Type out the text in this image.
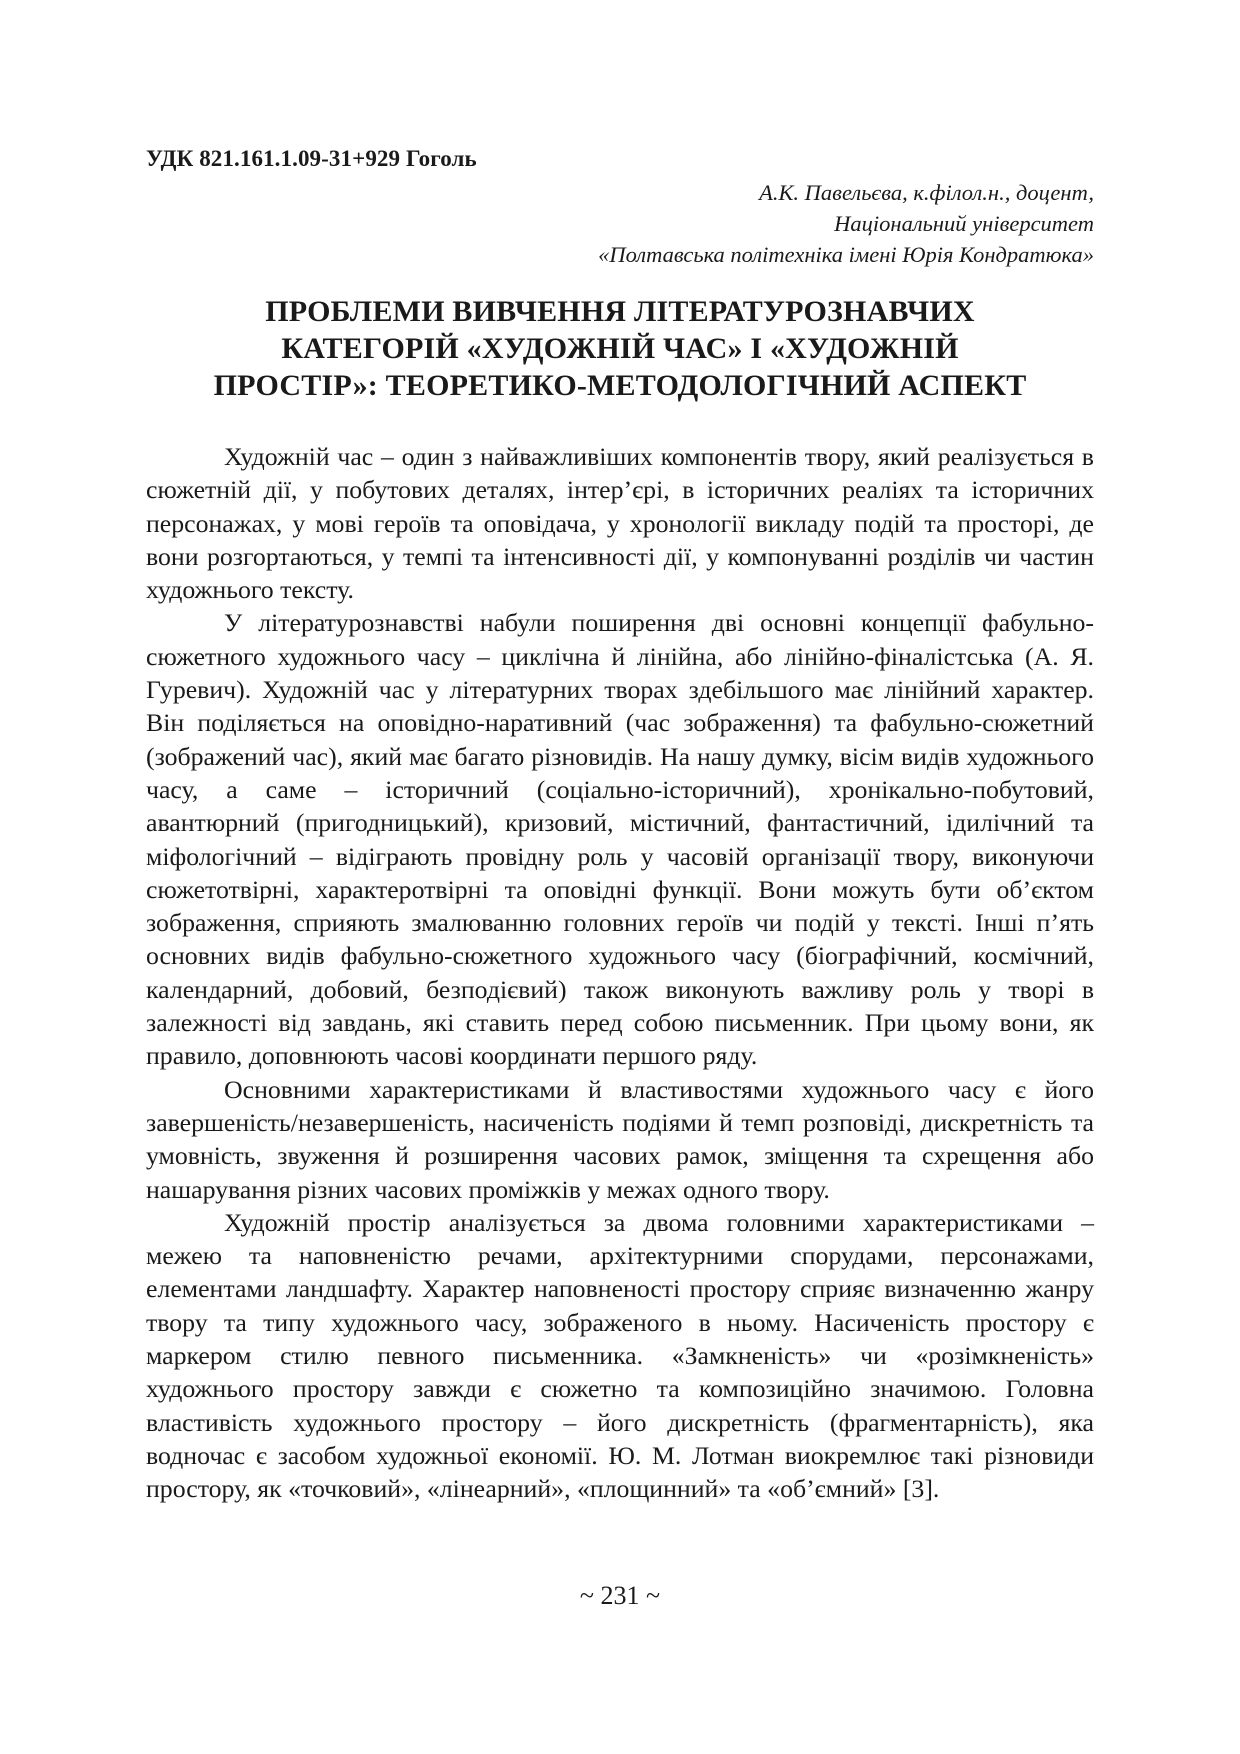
УДК 821.161.1.09-31+929 Гоголь
А.К. Павельєва, к.філол.н., доцент,
Національний університет
«Полтавська політехніка імені Юрія Кондратюка»
ПРОБЛЕМИ ВИВЧЕННЯ ЛІТЕРАТУРОЗНАВЧИХ
КАТЕГОРІЙ «ХУДОЖНІЙ ЧАС» І «ХУДОЖНІЙ
ПРОСТІР»: ТЕОРЕТИКО-МЕТОДОЛОГІЧНИЙ АСПЕКТ

Художній час – один з найважливіших компонентів твору, який реалізується в сюжетній дії, у побутових деталях, інтер’єрі, в історичних реаліях та історичних персонажах, у мові героїв та оповідача, у хронології викладу подій та просторі, де вони розгортаються, у темпі та інтенсивності дії, у компонуванні розділів чи частин художнього тексту.

У літературознавстві набули поширення дві основні концепції фабульно-сюжетного художнього часу – циклічна й лінійна, або лінійно-фіналістська (А. Я. Гуревич). Художній час у літературних творах здебільшого має лінійний характер. Він поділяється на оповідно-наративний (час зображення) та фабульно-сюжетний (зображений час), який має багато різновидів. На нашу думку, вісім видів художнього часу, а саме – історичний (соціально-історичний), хронікально-побутовий, авантюрний (пригодницький), кризовий, містичний, фантастичний, ідилічний та міфологічний – відіграють провідну роль у часовій організації твору, виконуючи сюжетотвірні, характеротвірні та оповідні функції. Вони можуть бути об’єктом зображення, сприяють змалюванню головних героїв чи подій у тексті. Інші п’ять основних видів фабульно-сюжетного художнього часу (біографічний, космічний, календарний, добовий, безподієвий) також виконують важливу роль у творі в залежності від завдань, які ставить перед собою письменник. При цьому вони, як правило, доповнюють часові координати першого ряду.

Основними характеристиками й властивостями художнього часу є його завершеність/незавершеність, насиченість подіями й темп розповіді, дискретність та умовність, звуження й розширення часових рамок, зміщення та схрещення або нашарування різних часових проміжків у межах одного твору.

Художній простір аналізується за двома головними характеристиками – межею та наповненістю речами, архітектурними спорудами, персонажами, елементами ландшафту. Характер наповненості простору сприяє визначенню жанру твору та типу художнього часу, зображеного в ньому. Насиченість простору є маркером стилю певного письменника. «Замкненість» чи «розімкненість» художнього простору завжди є сюжетно та композиційно значимою. Головна властивість художнього простору – його дискретність (фрагментарність), яка водночас є засобом художньої економії. Ю. М. Лотман виокремлює такі різновиди простору, як «точковий», «лінеарний», «площинний» та «об’ємний» [3].

~ 231 ~
